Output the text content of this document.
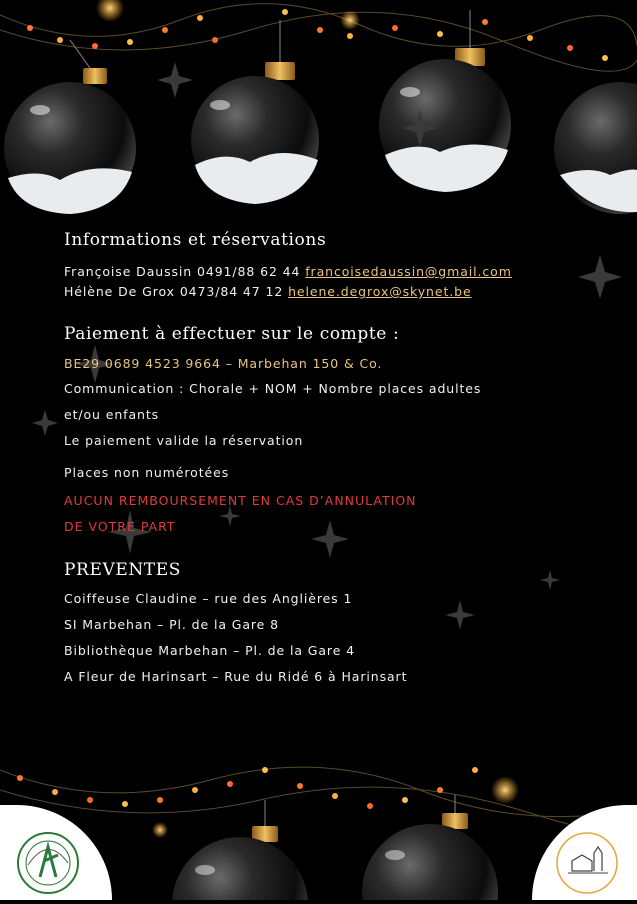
Informations et réservations

Françoise Daussin 0491/88 62 44 francoisedaussin@gmail.com

Hélène De Grox 0473/84 47 12 helene.degrox@skynet.be

Paiement à effectuer sur le compte :

BE29 0689 4523 9664 – Marbehan 150 & Co.

Communication : Chorale + NOM + Nombre places adultes

et/ou enfants

Le paiement valide la réservation

Places non numérotées

AUCUN REMBOURSEMENT EN CAS D’ANNULATION

DE VOTRE PART

PREVENTES

Coiffeuse Claudine – rue des Anglières 1

SI Marbehan – Pl. de la Gare 8

Bibliothèque Marbehan – Pl. de la Gare 4

A Fleur de Harinsart – Rue du Ridé 6 à Harinsart
